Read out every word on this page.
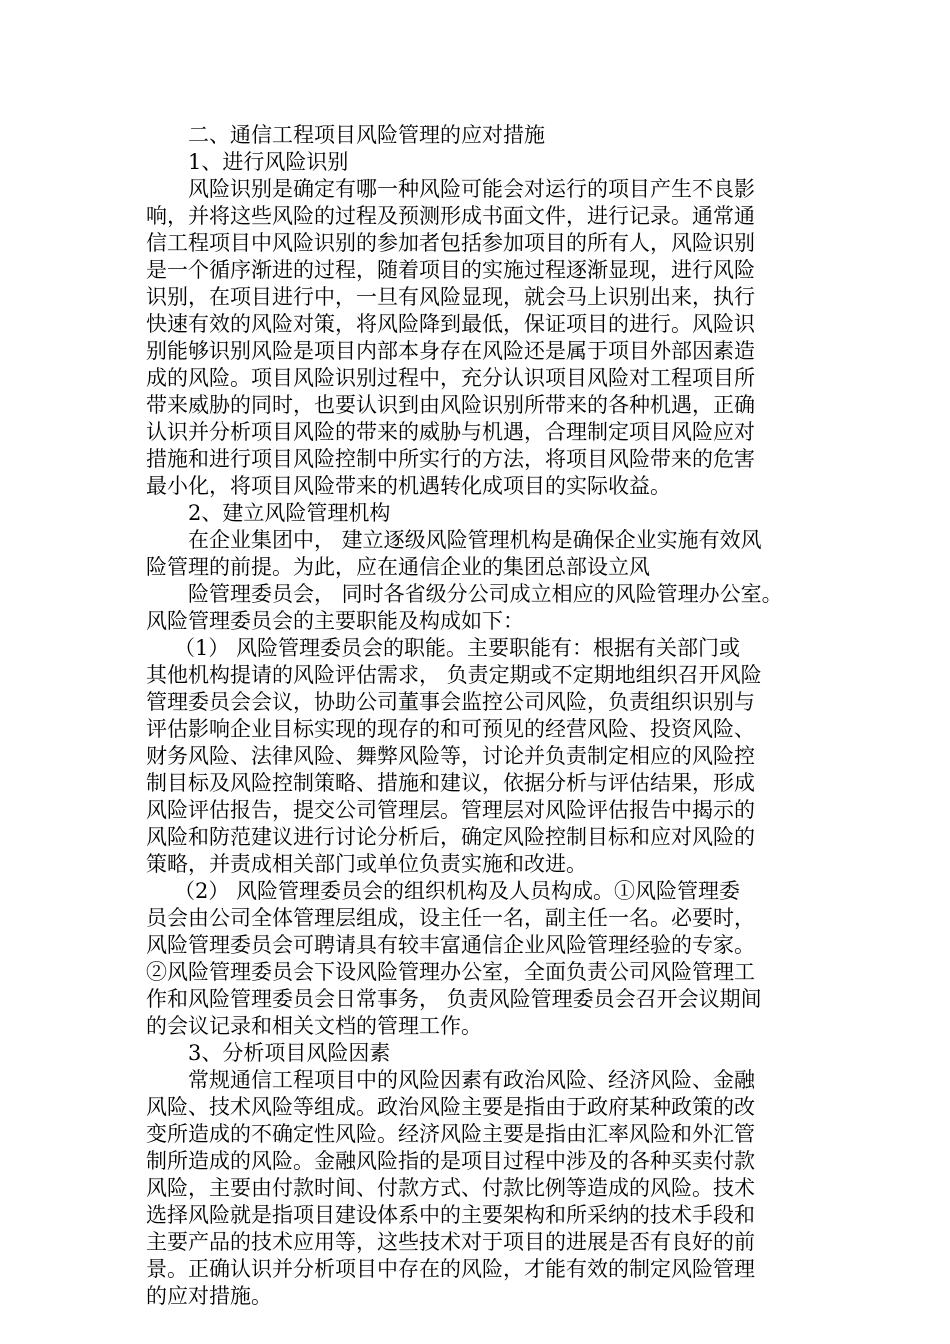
二、通信工程项目风险管理的应对措施
1、进行风险识别
风险识别是确定有哪一种风险可能会对运行的项目产生不良影
响，并将这些风险的过程及预测形成书面文件，进行记录。通常通
信工程项目中风险识别的参加者包括参加项目的所有人，风险识别
是一个循序渐进的过程，随着项目的实施过程逐渐显现，进行风险
识别，在项目进行中，一旦有风险显现，就会马上识别出来，执行
快速有效的风险对策，将风险降到最低，保证项目的进行。风险识
别能够识别风险是项目内部本身存在风险还是属于项目外部因素造
成的风险。项目风险识别过程中，充分认识项目风险对工程项目所
带来威胁的同时，也要认识到由风险识别所带来的各种机遇，正确
认识并分析项目风险的带来的威胁与机遇，合理制定项目风险应对
措施和进行项目风险控制中所实行的方法，将项目风险带来的危害
最小化，将项目风险带来的机遇转化成项目的实际收益。
2、建立风险管理机构
在企业集团中， 建立逐级风险管理机构是确保企业实施有效风
险管理的前提。为此，应在通信企业的集团总部设立风
险管理委员会， 同时各省级分公司成立相应的风险管理办公室。
风险管理委员会的主要职能及构成如下：
（1） 风险管理委员会的职能。主要职能有：根据有关部门或
其他机构提请的风险评估需求， 负责定期或不定期地组织召开风险
管理委员会会议，协助公司董事会监控公司风险，负责组织识别与
评估影响企业目标实现的现存的和可预见的经营风险、投资风险、
财务风险、法律风险、舞弊风险等，讨论并负责制定相应的风险控
制目标及风险控制策略、措施和建议，依据分析与评估结果，形成
风险评估报告，提交公司管理层。管理层对风险评估报告中揭示的
风险和防范建议进行讨论分析后，确定风险控制目标和应对风险的
策略，并责成相关部门或单位负责实施和改进。
（2） 风险管理委员会的组织机构及人员构成。①风险管理委
员会由公司全体管理层组成，设主任一名，副主任一名。必要时，
风险管理委员会可聘请具有较丰富通信企业风险管理经验的专家。
②风险管理委员会下设风险管理办公室，全面负责公司风险管理工
作和风险管理委员会日常事务， 负责风险管理委员会召开会议期间
的会议记录和相关文档的管理工作。
3、分析项目风险因素
常规通信工程项目中的风险因素有政治风险、经济风险、金融
风险、技术风险等组成。政治风险主要是指由于政府某种政策的改
变所造成的不确定性风险。经济风险主要是指由汇率风险和外汇管
制所造成的风险。金融风险指的是项目过程中涉及的各种买卖付款
风险，主要由付款时间、付款方式、付款比例等造成的风险。技术
选择风险就是指项目建设体系中的主要架构和所采纳的技术手段和
主要产品的技术应用等，这些技术对于项目的进展是否有良好的前
景。正确认识并分析项目中存在的风险，才能有效的制定风险管理
的应对措施。
